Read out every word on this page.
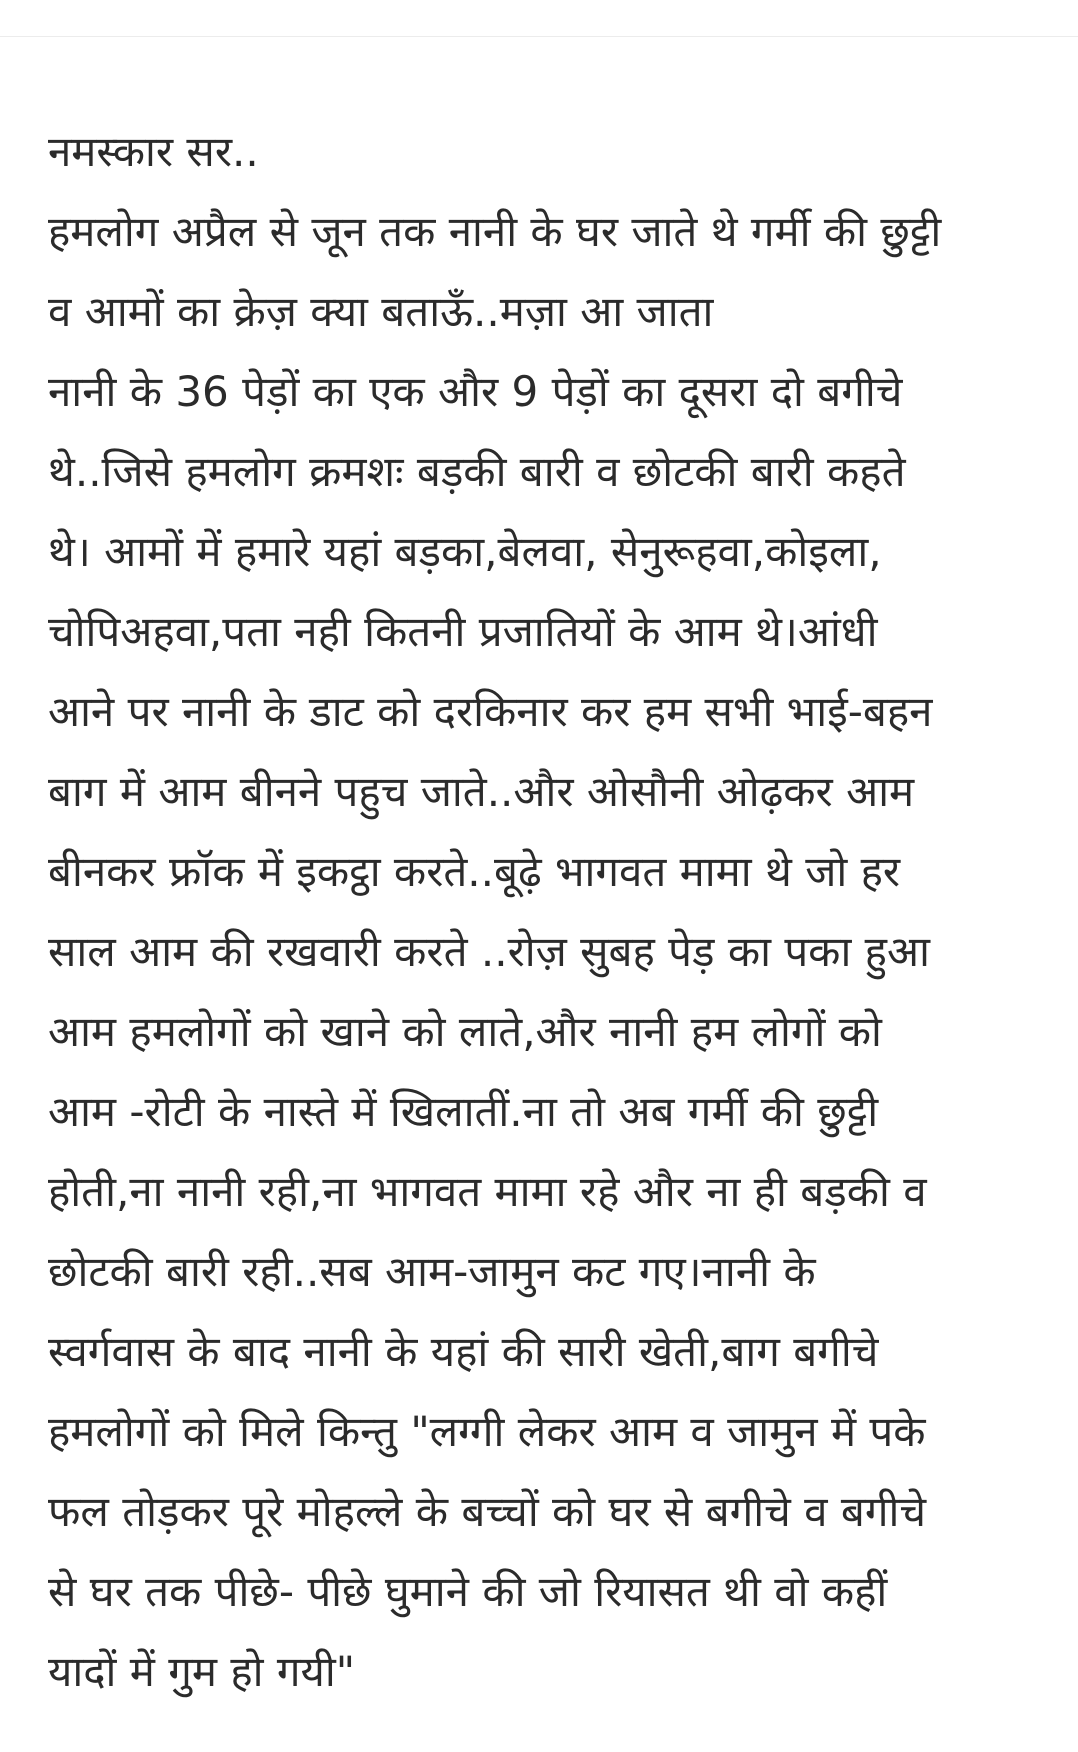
नमस्कार सर..
हमलोग अप्रैल से जून तक नानी के घर जाते थे गर्मी की छुट्टी
व आमों का क्रेज़ क्या बताऊँ..मज़ा आ जाता
नानी के 36 पेड़ों का एक और 9 पेड़ों का दूसरा दो बगीचे
थे..जिसे हमलोग क्रमशः बड़की बारी व छोटकी बारी कहते
थे। आमों में हमारे यहां बड़का,बेलवा, सेनुरूहवा,कोइला,
चोपिअहवा,पता नही कितनी प्रजातियों के आम थे।आंधी
आने पर नानी के डाट को दरकिनार कर हम सभी भाई-बहन
बाग में आम बीनने पहुच जाते..और ओसौनी ओढ़कर आम
बीनकर फ्रॉक में इकट्ठा करते..बूढ़े भागवत मामा थे जो हर
साल आम की रखवारी करते ..रोज़ सुबह पेड़ का पका हुआ
आम हमलोगों को खाने को लाते,और नानी हम लोगों को
आम -रोटी के नास्ते में खिलातीं.ना तो अब गर्मी की छुट्टी
होती,ना नानी रही,ना भागवत मामा रहे और ना ही बड़की व
छोटकी बारी रही..सब आम-जामुन कट गए।नानी के
स्वर्गवास के बाद नानी के यहां की सारी खेती,बाग बगीचे
हमलोगों को मिले किन्तु "लग्गी लेकर आम व जामुन में पके
फल तोड़कर पूरे मोहल्ले के बच्चों को घर से बगीचे व बगीचे
से घर तक पीछे- पीछे घुमाने की जो रियासत थी वो कहीं
यादों में गुम हो गयी"
